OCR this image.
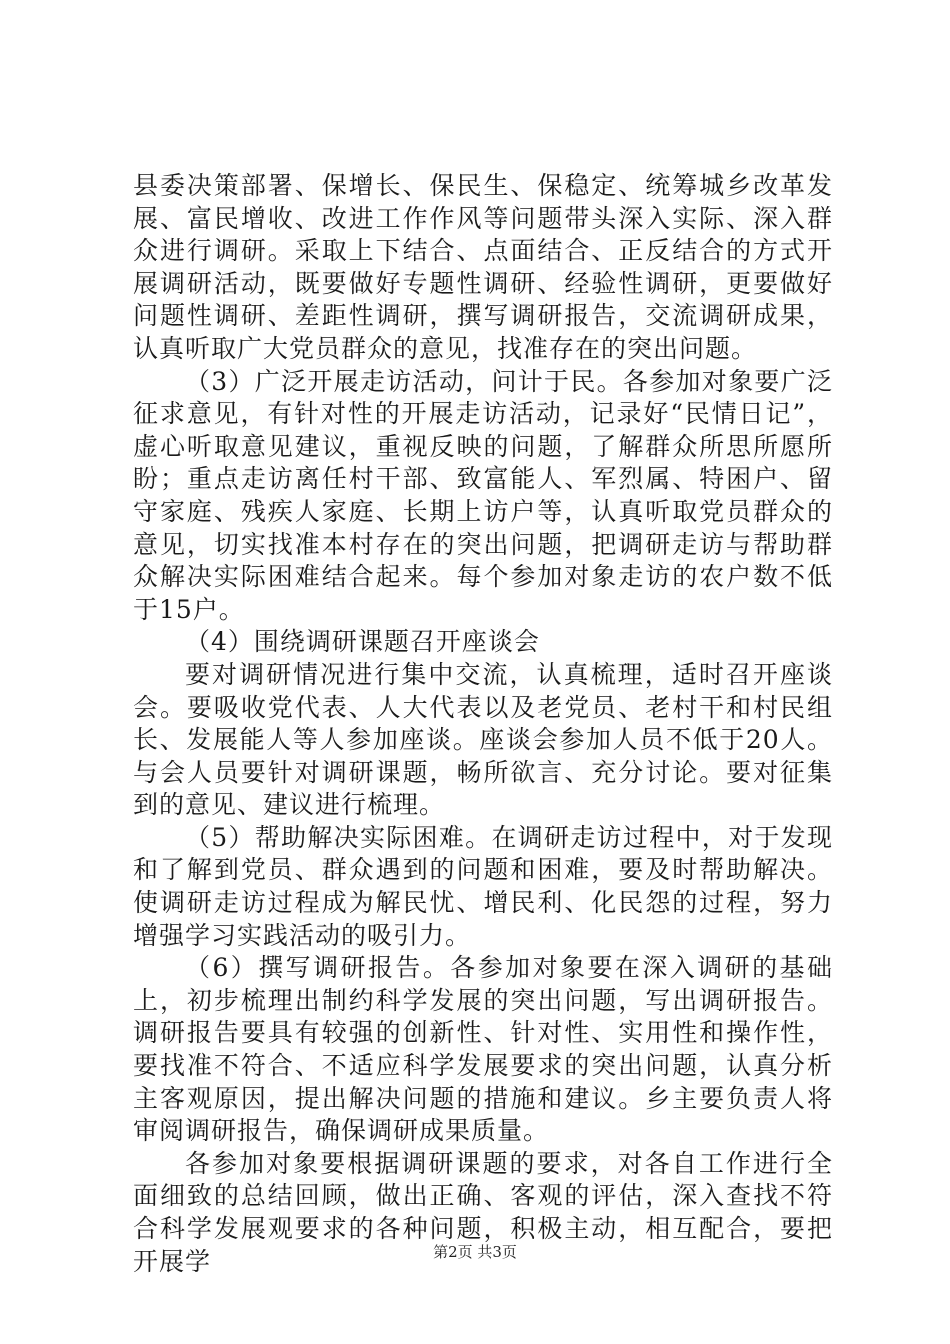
县委决策部署、保增长、保民生、保稳定、统筹城乡改革发展、富民增收、改进工作作风等问题带头深入实际、深入群众进行调研。采取上下结合、点面结合、正反结合的方式开展调研活动，既要做好专题性调研、经验性调研，更要做好问题性调研、差距性调研，撰写调研报告，交流调研成果，认真听取广大党员群众的意见，找准存在的突出问题。

（3）广泛开展走访活动，问计于民。各参加对象要广泛征求意见，有针对性的开展走访活动，记录好“民情日记”，虚心听取意见建议，重视反映的问题，了解群众所思所愿所盼；重点走访离任村干部、致富能人、军烈属、特困户、留守家庭、残疾人家庭、长期上访户等，认真听取党员群众的意见，切实找准本村存在的突出问题，把调研走访与帮助群众解决实际困难结合起来。每个参加对象走访的农户数不低于15户。

（4）围绕调研课题召开座谈会

要对调研情况进行集中交流，认真梳理，适时召开座谈会。要吸收党代表、人大代表以及老党员、老村干和村民组长、发展能人等人参加座谈。座谈会参加人员不低于20人。与会人员要针对调研课题，畅所欲言、充分讨论。要对征集到的意见、建议进行梳理。

（5）帮助解决实际困难。在调研走访过程中，对于发现和了解到党员、群众遇到的问题和困难，要及时帮助解决。使调研走访过程成为解民忧、增民利、化民怨的过程，努力增强学习实践活动的吸引力。

（6）撰写调研报告。各参加对象要在深入调研的基础上，初步梳理出制约科学发展的突出问题，写出调研报告。调研报告要具有较强的创新性、针对性、实用性和操作性，要找准不符合、不适应科学发展要求的突出问题，认真分析主客观原因，提出解决问题的措施和建议。乡主要负责人将审阅调研报告，确保调研成果质量。

各参加对象要根据调研课题的要求，对各自工作进行全面细致的总结回顾，做出正确、客观的评估，深入查找不符合科学发展观要求的各种问题，积极主动，相互配合，要把开展学	第2页 共3页
